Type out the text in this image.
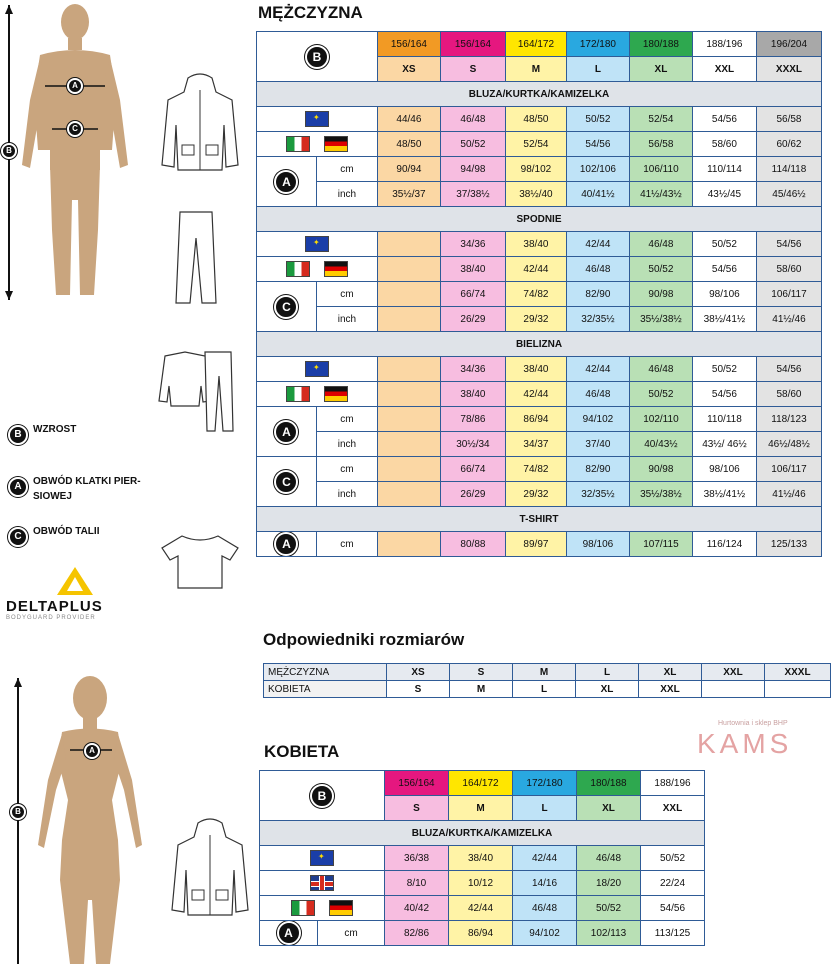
A
C
B
B	WZROST
A	OBWÓD KLATKI PIER-
SIOWEJ
C	OBWÓD TALII
DELTAPLUS
BODYGUARD PROVIDER
MĘŻCZYZNA
B		156/164	156/164	164/172	172/180	180/188	188/196	196/204
		XS	S	M	L	XL	XXL	XXXL
BLUZA/KURTKA/KAMIZELKA								
✦	44/46	46/48	48/50	50/52	52/54	54/56	56/58
		48/50	50/52	52/54	54/56	56/58	58/60	60/62
A	cm	90/94	94/98	98/102	102/106	106/110	110/114	114/118
	inch	35½/37	37/38½	38½/40	40/41½	41½/43½	43½/45	45/46½
SPODNIE								
✦		34/36	38/40	42/44	46/48	50/52	54/56
			38/40	42/44	46/48	50/52	54/56	58/60
C	cm		66/74	74/82	82/90	90/98	98/106	106/117
	inch		26/29	29/32	32/35½	35½/38½	38½/41½	41½/46
BIELIZNA								
✦		34/36	38/40	42/44	46/48	50/52	54/56
			38/40	42/44	46/48	50/52	54/56	58/60
A	cm		78/86	86/94	94/102	102/110	110/118	118/123
	inch		30½/34	34/37	37/40	40/43½	43½/ 46½	46½/48½
C	cm		66/74	74/82	82/90	90/98	98/106	106/117
	inch		26/29	29/32	32/35½	35½/38½	38½/41½	41½/46
T-SHIRT								
A	cm		80/88	89/97	98/106	107/115	116/124	125/133
Odpowiedniki rozmiarów
MĘŻCZYZNA	XS	S	M	L	XL	XXL	XXXL
KOBIETA	S	M	L	XL	XXL		
Hurtownia i sklep BHP
KAMS
A
B
KOBIETA
B		156/164	164/172	172/180	180/188	188/196
		S	M	L	XL	XXL
BLUZA/KURTKA/KAMIZELKA						
✦	36/38	38/40	42/44	46/48	50/52
		8/10	10/12	14/16	18/20	22/24
		40/42	42/44	46/48	50/52	54/56
A	cm	82/86	86/94	94/102	102/113	113/125
